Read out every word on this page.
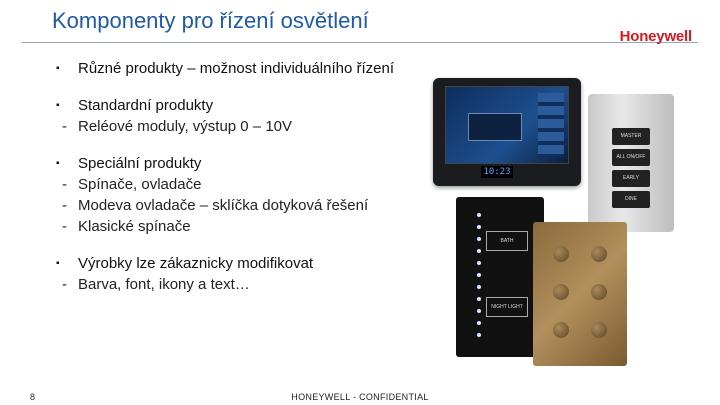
Komponenty pro řízení osvětlení
Honeywell
▪ Různé produkty – možnost individuálního řízení
▪ Standardní produkty
- Reléové moduly, výstup 0 – 10V
▪ Speciální produkty
- Spínače, ovladače
- Modeva ovladače – sklíčka dotyková řešení
- Klasické spínače
▪ Výrobky lze zákaznicky modifikovat
- Barva, font, ikony a text…
10:23
MASTER
ALL ON/OFF
EARLY
DINE
BATH
NIGHT LIGHT
8	HONEYWELL - CONFIDENTIAL
